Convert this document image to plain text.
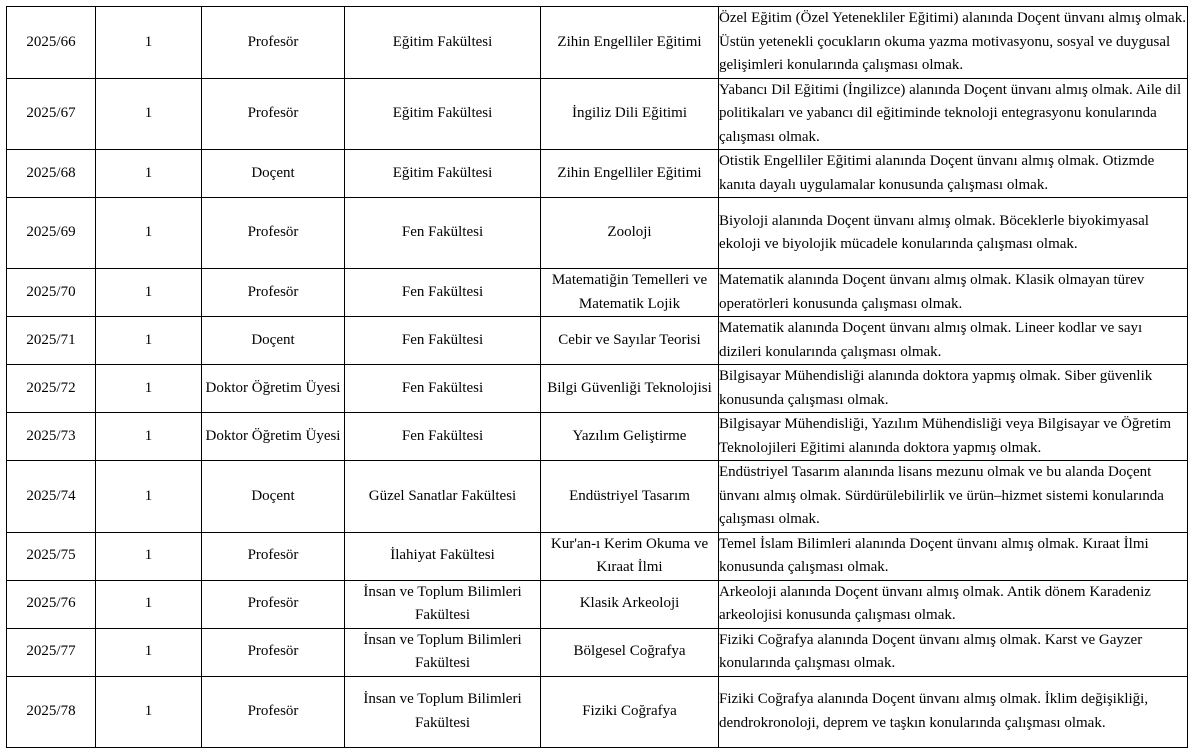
2025/66	1	Profesör	Eğitim Fakültesi	Zihin Engelliler Eğitimi	Özel Eğitim (Özel Yetenekliler Eğitimi) alanında Doçent ünvanı almış olmak. Üstün yetenekli çocukların okuma yazma motivasyonu, sosyal ve duygusal gelişimleri konularında çalışması olmak.
2025/67	1	Profesör	Eğitim Fakültesi	İngiliz Dili Eğitimi	Yabancı Dil Eğitimi (İngilizce) alanında Doçent ünvanı almış olmak. Aile dil politikaları ve yabancı dil eğitiminde teknoloji entegrasyonu konularında çalışması olmak.
2025/68	1	Doçent	Eğitim Fakültesi	Zihin Engelliler Eğitimi	Otistik Engelliler Eğitimi alanında Doçent ünvanı almış olmak. Otizmde kanıta dayalı uygulamalar konusunda çalışması olmak.
2025/69	1	Profesör	Fen Fakültesi	Zooloji	Biyoloji alanında Doçent ünvanı almış olmak. Böceklerle biyokimyasal ekoloji ve biyolojik mücadele konularında çalışması olmak.
2025/70	1	Profesör	Fen Fakültesi	Matematiğin Temelleri ve Matematik Lojik	Matematik alanında Doçent ünvanı almış olmak. Klasik olmayan türev operatörleri konusunda çalışması olmak.
2025/71	1	Doçent	Fen Fakültesi	Cebir ve Sayılar Teorisi	Matematik alanında Doçent ünvanı almış olmak. Lineer kodlar ve sayı dizileri konularında çalışması olmak.
2025/72	1	Doktor Öğretim Üyesi	Fen Fakültesi	Bilgi Güvenliği Teknolojisi	Bilgisayar Mühendisliği alanında doktora yapmış olmak. Siber güvenlik konusunda çalışması olmak.
2025/73	1	Doktor Öğretim Üyesi	Fen Fakültesi	Yazılım Geliştirme	Bilgisayar Mühendisliği, Yazılım Mühendisliği veya Bilgisayar ve Öğretim Teknolojileri Eğitimi alanında doktora yapmış olmak.
2025/74	1	Doçent	Güzel Sanatlar Fakültesi	Endüstriyel Tasarım	Endüstriyel Tasarım alanında lisans mezunu olmak ve bu alanda Doçent ünvanı almış olmak. Sürdürülebilirlik ve ürün–hizmet sistemi konularında çalışması olmak.
2025/75	1	Profesör	İlahiyat Fakültesi	Kur'an-ı Kerim Okuma ve Kıraat İlmi	Temel İslam Bilimleri alanında Doçent ünvanı almış olmak. Kıraat İlmi konusunda çalışması olmak.
2025/76	1	Profesör	İnsan ve Toplum Bilimleri Fakültesi	Klasik Arkeoloji	Arkeoloji alanında Doçent ünvanı almış olmak. Antik dönem Karadeniz arkeolojisi konusunda çalışması olmak.
2025/77	1	Profesör	İnsan ve Toplum Bilimleri Fakültesi	Bölgesel Coğrafya	Fiziki Coğrafya alanında Doçent ünvanı almış olmak. Karst ve Gayzer konularında çalışması olmak.
2025/78	1	Profesör	İnsan ve Toplum Bilimleri Fakültesi	Fiziki Coğrafya	Fiziki Coğrafya alanında Doçent ünvanı almış olmak. İklim değişikliği, dendrokronoloji, deprem ve taşkın konularında çalışması olmak.
